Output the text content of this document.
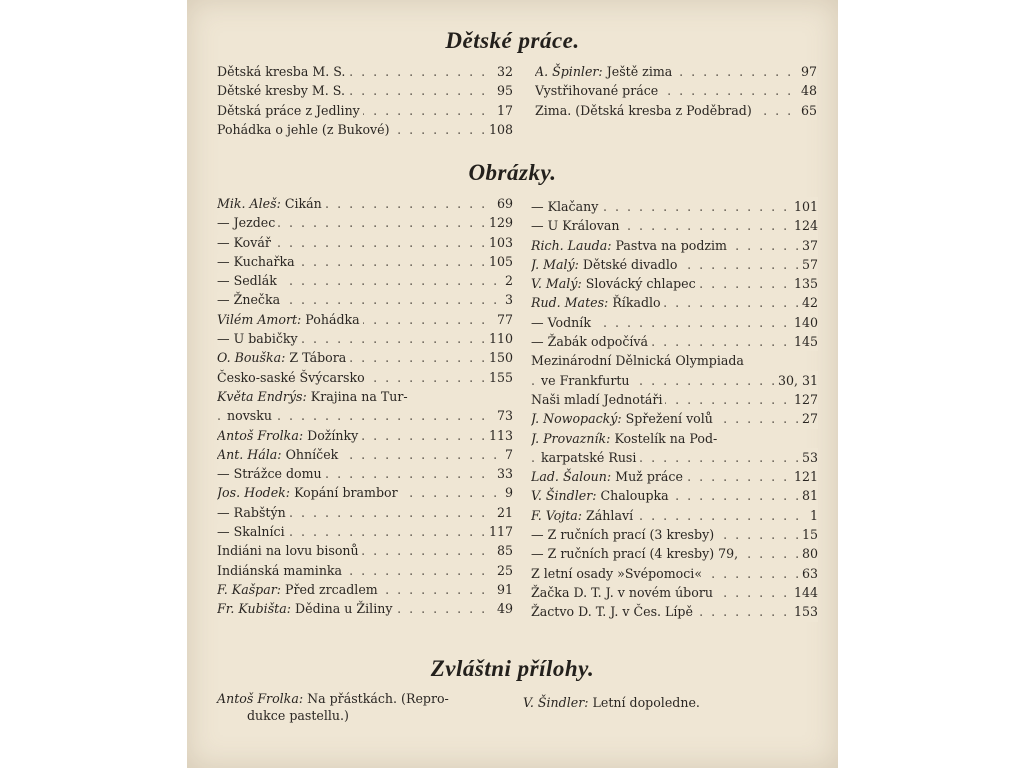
Dětské práce.
Dětská kresba M. S. . . .	32
Dětské kresby M. S. . . .	95
Dětská práce z Jedliny . . .	17
Pohádka o jehle (z Bukové) . . .	108
A. Špinler: Ještě zima . . .	97
Vystřihované práce . . .	48
Zima. (Dětská kresba z Poděbrad) . . .	65
Obrázky.
Mik. Aleš: Cikán . . .	69
— Jezdec . . .	129
— Kovář . . .	103
— Kuchařka . . .	105
— Sedlák . . .	2
— Žnečka . . .	3
Vilém Amort: Pohádka . . .	77
— U babičky . . .	110
O. Bouška: Z Tábora . . .	150
Česko-saské Švýcarsko . . .	155
Květa Endrýs: Krajina na Tur-
novsku . . .	73
Antoš Frolka: Dožínky . . .	113
Ant. Hála: Ohníček . . .	7
— Strážce domu . . .	33
Jos. Hodek: Kopání brambor . . .	9
— Rabštýn . . .	21
— Skalníci . . .	117
Indiáni na lovu bisonů . . .	85
Indiánská maminka . . .	25
F. Kašpar: Před zrcadlem . . .	91
Fr. Kubišta: Dědina u Žiliny . . .	49
— Klačany . . .	101
— U Královan . . .	124
Rich. Lauda: Pastva na podzim . . .	37
J. Malý: Dětské divadlo . . .	57
V. Malý: Slovácký chlapec . . .	135
Rud. Mates: Říkadlo . . .	42
— Vodník . . .	140
— Žabák odpočívá . . .	145
Mezinárodní Dělnická Olympiada
ve Frankfurtu . . .	30, 31
Naši mladí Jednotáři . . .	127
J. Nowopacký: Spřežení volů . . .	27
J. Provazník: Kostelík na Pod-
karpatské Rusi . . .	53
Lad. Šaloun: Muž práce . . .	121
V. Šindler: Chaloupka . . .	81
F. Vojta: Záhlaví . . .	1
— Z ručních prací (3 kresby) . . .	15
— Z ručních prací (4 kresby) 79, . . .	80
Z letní osady »Svépomoci« . . .	63
Žačka D. T. J. v novém úboru . . .	144
Žactvo D. T. J. v Čes. Lípě . . .	153
Zvláštni přílohy.
Antoš Frolka: Na přástkách. (Repro-
dukce pastellu.)
V. Šindler: Letní dopoledne.
